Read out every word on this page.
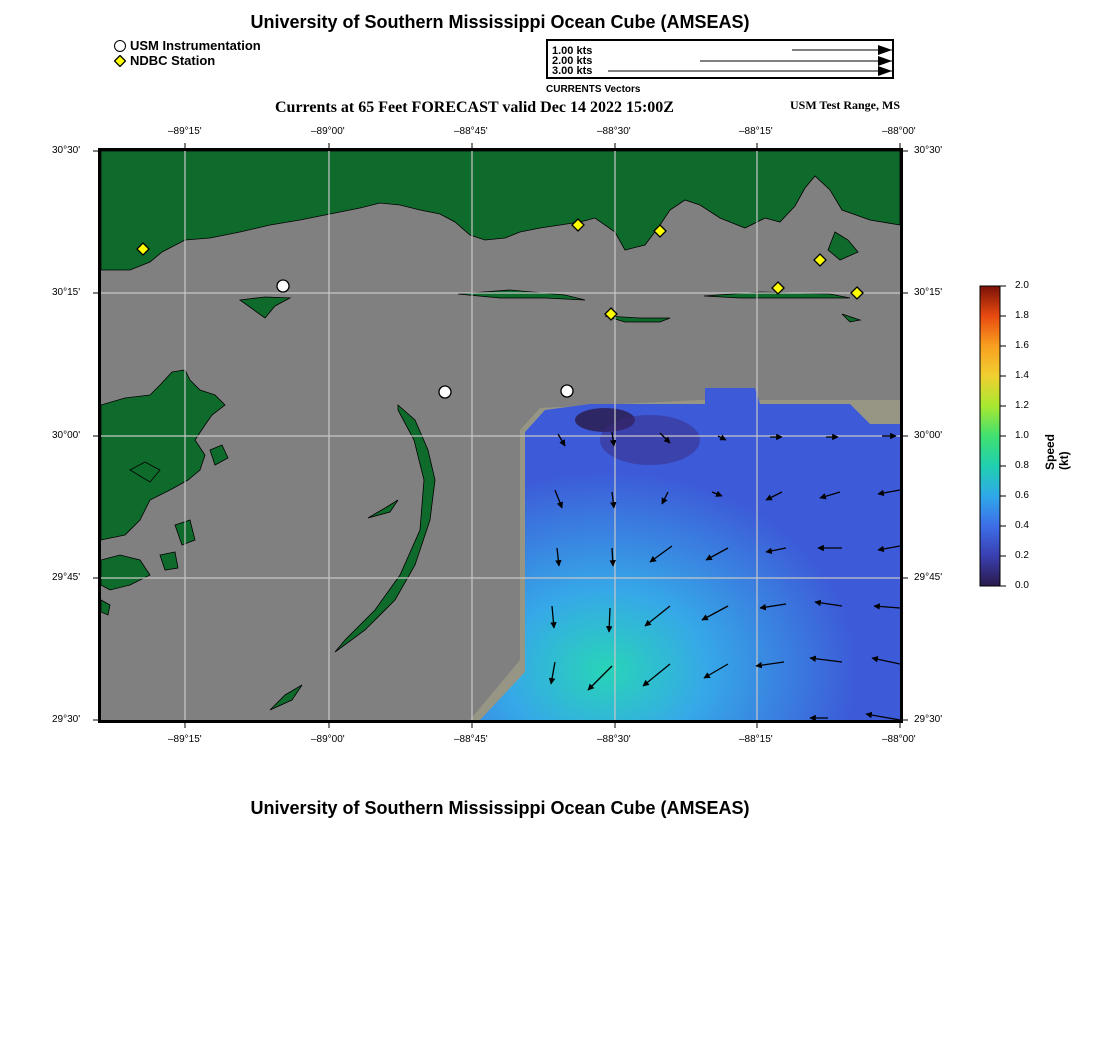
University of Southern Mississippi Ocean Cube (AMSEAS)
USM Instrumentation
NDBC Station
1.00 kts
2.00 kts
3.00 kts
CURRENTS Vectors
Currents at 65 Feet FORECAST valid Dec 14 2022 15:00Z	USM Test Range, MS
–89°15'	–89°00'	–88°45'	–88°30'	–88°15'	–88°00'
–89°15'	–89°00'	–88°45'	–88°30'	–88°15'	–88°00'
30°30'
30°15'
30°00'
29°45'
29°30'
30°30'
30°15'
30°00'
29°45'
29°30'
2.0
1.8
1.6
1.4
1.2
1.0
0.8
0.6
0.4
0.2
0.0
Speed (kt)
University of Southern Mississippi Ocean Cube (AMSEAS)
